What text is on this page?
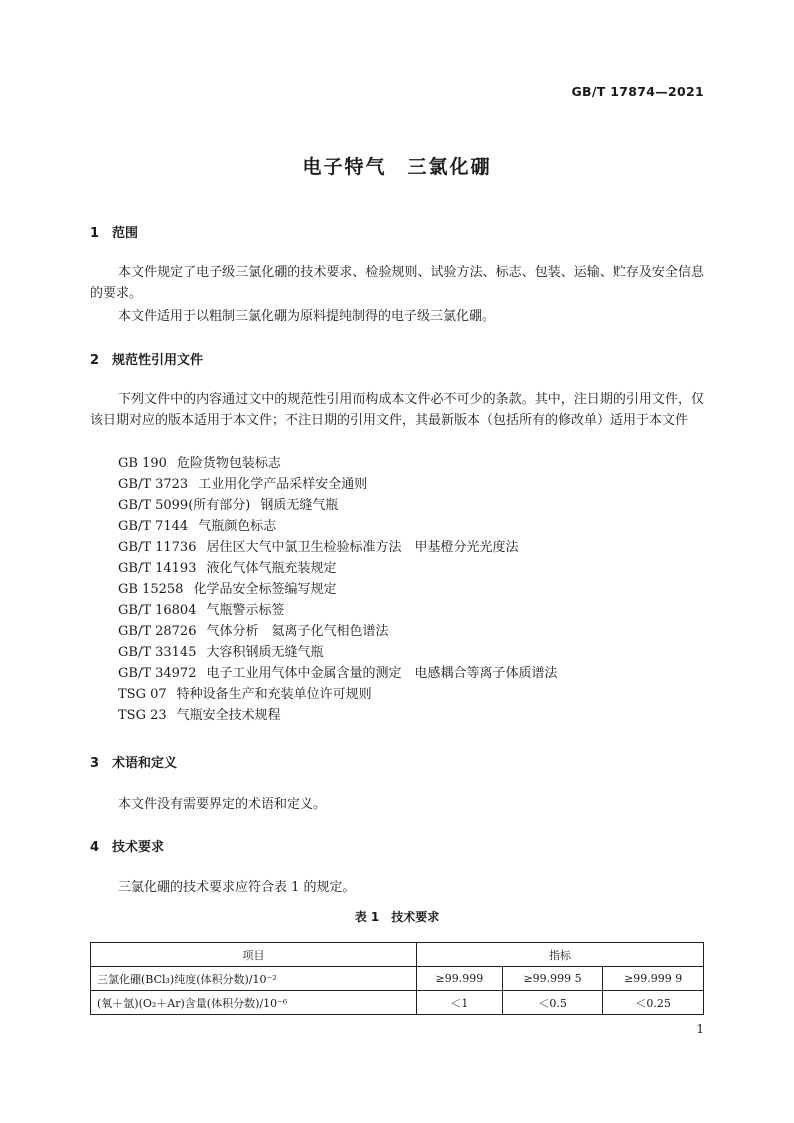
GB/T 17874—2021
电子特气　三氯化硼
1 范围
本文件规定了电子级三氯化硼的技术要求、检验规则、试验方法、标志、包装、运输、贮存及安全信息的要求。
本文件适用于以粗制三氯化硼为原料提纯制得的电子级三氯化硼。
2 规范性引用文件
下列文件中的内容通过文中的规范性引用而构成本文件必不可少的条款。其中，注日期的引用文件，仅该日期对应的版本适用于本文件；不注日期的引用文件，其最新版本（包括所有的修改单）适用于本文件
GB 190 危险货物包装标志
GB/T 3723 工业用化学产品采样安全通则
GB/T 5099(所有部分) 钢质无缝气瓶
GB/T 7144 气瓶颜色标志
GB/T 11736 居住区大气中氯卫生检验标准方法　甲基橙分光光度法
GB/T 14193 液化气体气瓶充装规定
GB 15258 化学品安全标签编写规定
GB/T 16804 气瓶警示标签
GB/T 28726 气体分析　氦离子化气相色谱法
GB/T 33145 大容积钢质无缝气瓶
GB/T 34972 电子工业用气体中金属含量的测定　电感耦合等离子体质谱法
TSG 07 特种设备生产和充装单位许可规则
TSG 23 气瓶安全技术规程
3 术语和定义
本文件没有需要界定的术语和定义。
4 技术要求
三氯化硼的技术要求应符合表 1 的规定。
表 1　技术要求
项目	指标		
三氯化硼(BCl₃)纯度(体积分数)/10⁻²	≥99.999	≥99.999 5	≥99.999 9
(氧＋氩)(O₂＋Ar)含量(体积分数)/10⁻⁶	＜1	＜0.5	＜0.25
1
